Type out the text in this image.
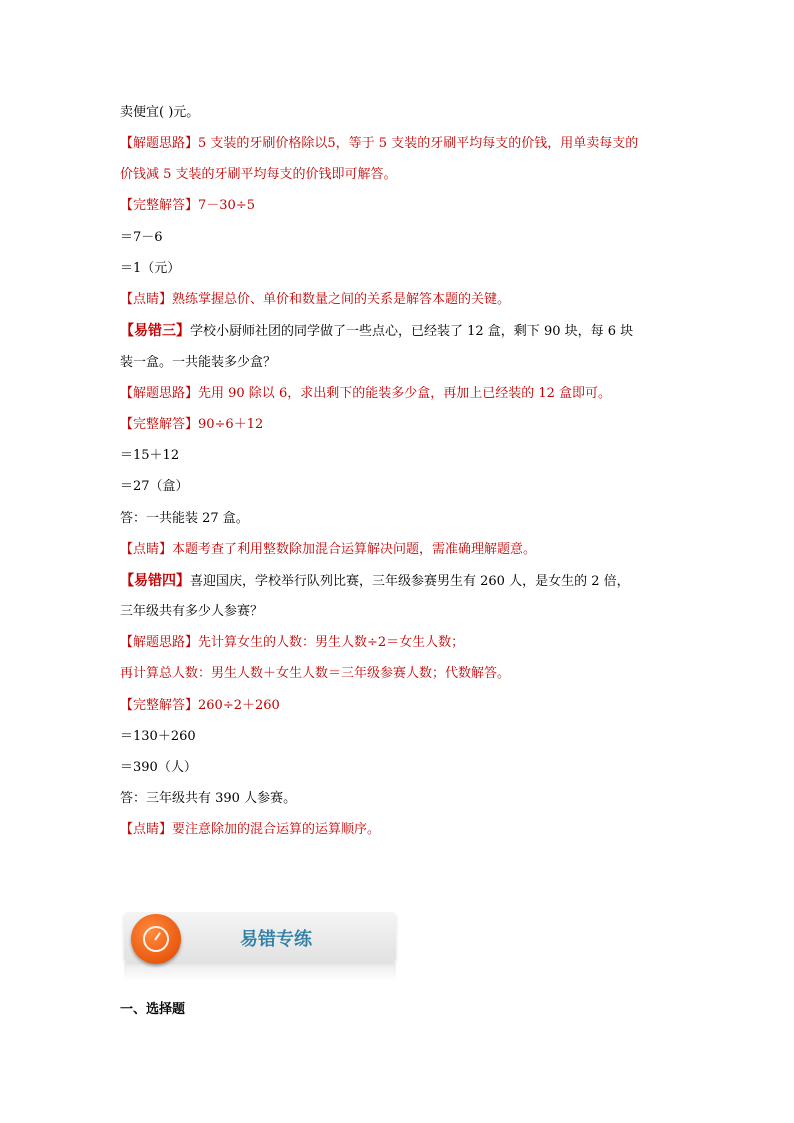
卖便宜( )元。
【解题思路】5 支装的牙刷价格除以5，等于 5 支装的牙刷平均每支的价钱，用单卖每支的
价钱减 5 支装的牙刷平均每支的价钱即可解答。
【完整解答】7－30÷5
＝7－6
＝1（元）
【点睛】熟练掌握总价、单价和数量之间的关系是解答本题的关键。
【易错三】学校小厨师社团的同学做了一些点心，已经装了 12 盒，剩下 90 块，每 6 块
装一盒。一共能装多少盒？
【解题思路】先用 90 除以 6，求出剩下的能装多少盒，再加上已经装的 12 盒即可。
【完整解答】90÷6＋12
＝15＋12
＝27（盒）
答：一共能装 27 盒。
【点睛】本题考查了利用整数除加混合运算解决问题，需准确理解题意。
【易错四】喜迎国庆，学校举行队列比赛，三年级参赛男生有 260 人，是女生的 2 倍，
三年级共有多少人参赛？
【解题思路】先计算女生的人数：男生人数÷2＝女生人数；
再计算总人数：男生人数＋女生人数＝三年级参赛人数；代数解答。
【完整解答】260÷2＋260
＝130＋260
＝390（人）
答：三年级共有 390 人参赛。
【点睛】要注意除加的混合运算的运算顺序。
易错专练
一、选择题
